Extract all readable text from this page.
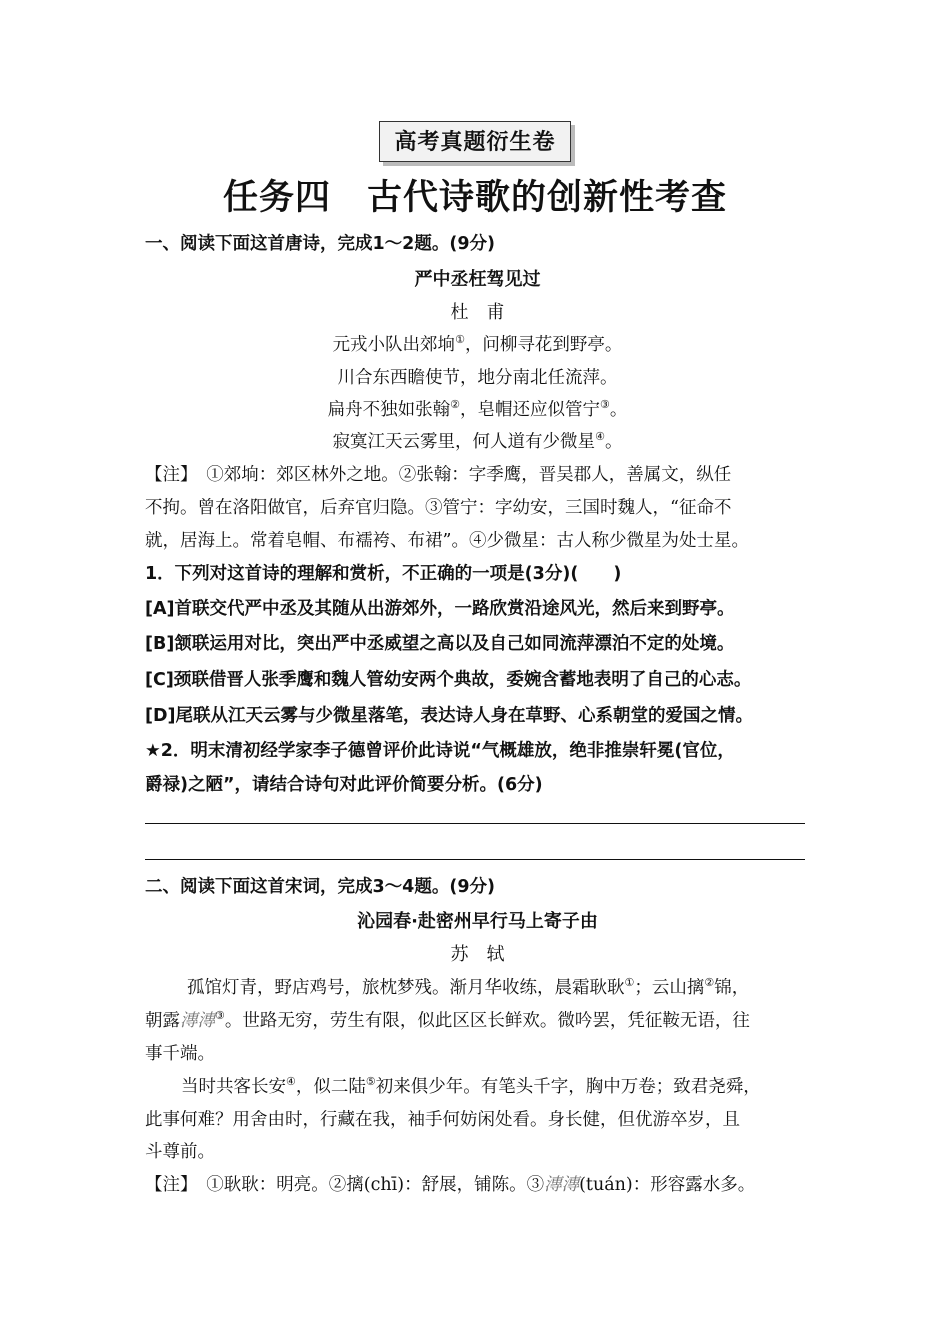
高考真题衍生卷
任务四　古代诗歌的创新性考查
一、阅读下面这首唐诗，完成1～2题。(9分)
严中丞枉驾见过
杜　甫
元戎小队出郊垧①，问柳寻花到野亭。
川合东西瞻使节，地分南北任流萍。
扁舟不独如张翰②，皂帽还应似管宁③。
寂寞江天云雾里，何人道有少微星④。
【注】　①郊垧：郊区林外之地。②张翰：字季鹰，晋吴郡人，善属文，纵任
不拘。曾在洛阳做官，后弃官归隐。③管宁：字幼安，三国时魏人，“征命不
就，居海上。常着皂帽、布襦袴、布裙”。④少微星：古人称少微星为处士星。
1．下列对这首诗的理解和赏析，不正确的一项是(3分)(　　)
[A]首联交代严中丞及其随从出游郊外，一路欣赏沿途风光，然后来到野亭。
[B]颔联运用对比，突出严中丞威望之高以及自己如同流萍漂泊不定的处境。
[C]颈联借晋人张季鹰和魏人管幼安两个典故，委婉含蓄地表明了自己的心志。
[D]尾联从江天云雾与少微星落笔，表达诗人身在草野、心系朝堂的爱国之情。
★2．明末清初经学家李子德曾评价此诗说“气概雄放，绝非推崇轩冕(官位，
爵禄)之陋”，请结合诗句对此评价简要分析。(6分)
二、阅读下面这首宋词，完成3～4题。(9分)
沁园春·赴密州早行马上寄子由
苏　轼
孤馆灯青，野店鸡号，旅枕梦残。渐月华收练，晨霜耿耿①；云山摛②锦，
朝露漙漙③。世路无穷，劳生有限，似此区区长鲜欢。微吟罢，凭征鞍无语，往
事千端。
当时共客长安④，似二陆⑤初来俱少年。有笔头千字，胸中万卷；致君尧舜，
此事何难？用舍由时，行藏在我，袖手何妨闲处看。身长健，但优游卒岁，且
斗尊前。
【注】　①耿耿：明亮。②摛(chī)：舒展，铺陈。③漙漙(tuán)：形容露水多。
